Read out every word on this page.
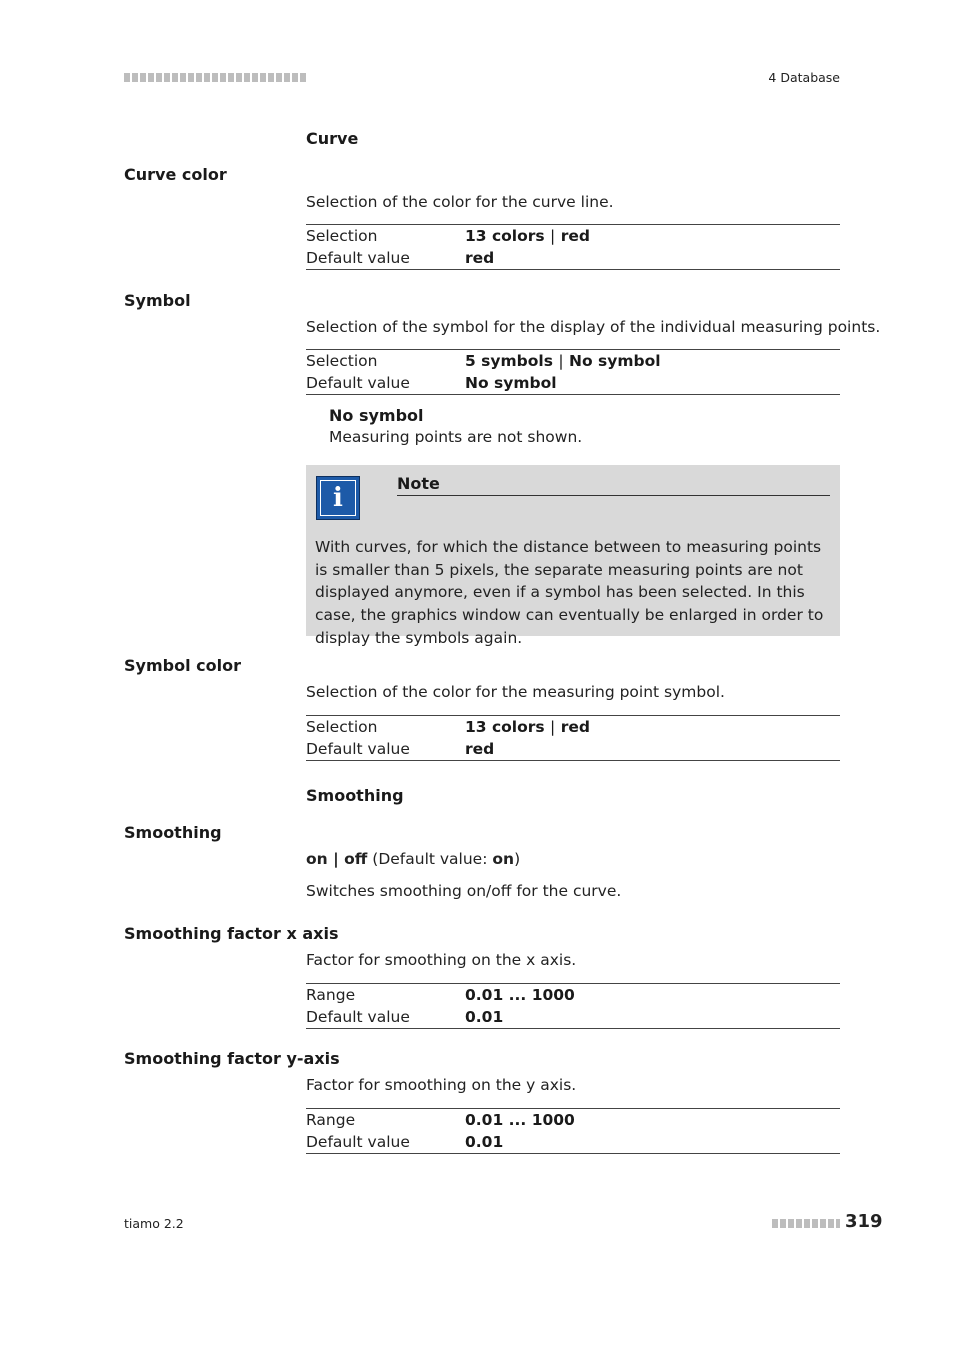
4 Database
Curve
Curve color
Selection of the color for the curve line.
Selection	13 colors | red
Default value	red
Symbol
Selection of the symbol for the display of the individual measuring points.
Selection	5 symbols | No symbol
Default value	No symbol
No symbol
Measuring points are not shown.
i	Note
With curves, for which the distance between to measuring points is smaller than 5 pixels, the separate measuring points are not displayed anymore, even if a symbol has been selected. In this case, the graphics window can eventually be enlarged in order to display the symbols again.
Symbol color
Selection of the color for the measuring point symbol.
Selection	13 colors | red
Default value	red
Smoothing
Smoothing
on | off (Default value: on)
Switches smoothing on/off for the curve.
Smoothing factor x axis
Factor for smoothing on the x axis.
Range	0.01 ... 1000
Default value	0.01
Smoothing factor y-axis
Factor for smoothing on the y axis.
Range	0.01 ... 1000
Default value	0.01
tiamo 2.2	319
